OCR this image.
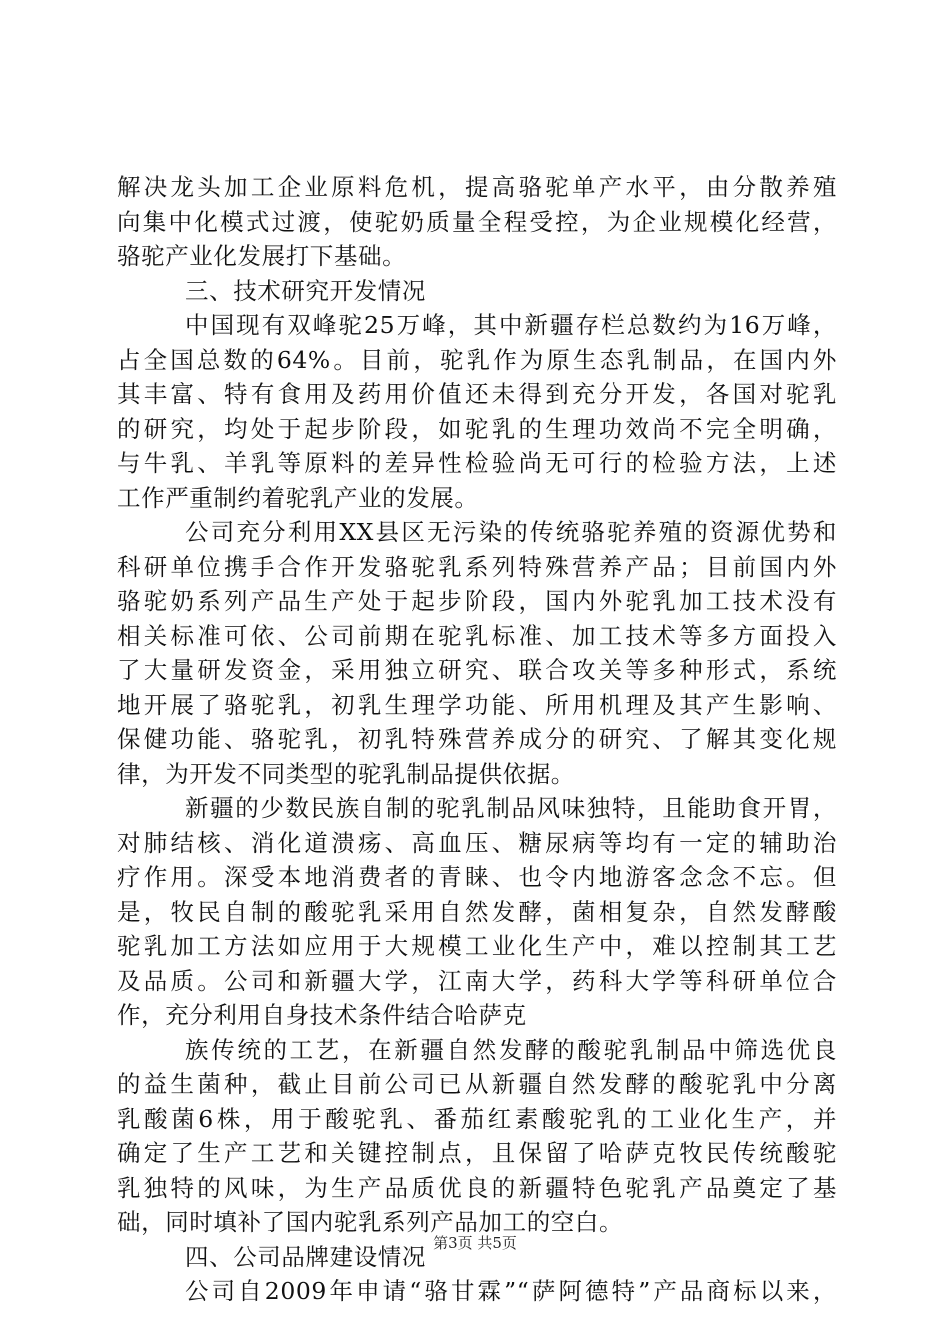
解决龙头加工企业原料危机，提高骆驼单产水平，由分散养殖
向集中化模式过渡，使驼奶质量全程受控，为企业规模化经营，
骆驼产业化发展打下基础。
三、技术研究开发情况
中国现有双峰驼25万峰，其中新疆存栏总数约为16万峰，
占全国总数的64%。目前，驼乳作为原生态乳制品，在国内外
其丰富、特有食用及药用价值还未得到充分开发，各国对驼乳
的研究，均处于起步阶段，如驼乳的生理功效尚不完全明确，
与牛乳、羊乳等原料的差异性检验尚无可行的检验方法，上述
工作严重制约着驼乳产业的发展。
公司充分利用XX县区无污染的传统骆驼养殖的资源优势和
科研单位携手合作开发骆驼乳系列特殊营养产品；目前国内外
骆驼奶系列产品生产处于起步阶段，国内外驼乳加工技术没有
相关标准可依、公司前期在驼乳标准、加工技术等多方面投入
了大量研发资金，采用独立研究、联合攻关等多种形式，系统
地开展了骆驼乳，初乳生理学功能、所用机理及其产生影响、
保健功能、骆驼乳，初乳特殊营养成分的研究、了解其变化规
律，为开发不同类型的驼乳制品提供依据。
新疆的少数民族自制的驼乳制品风味独特，且能助食开胃，
对肺结核、消化道溃疡、高血压、糖尿病等均有一定的辅助治
疗作用。深受本地消费者的青睐、也令内地游客念念不忘。但
是，牧民自制的酸驼乳采用自然发酵，菌相复杂，自然发酵酸
驼乳加工方法如应用于大规模工业化生产中，难以控制其工艺
及品质。公司和新疆大学，江南大学，药科大学等科研单位合
作，充分利用自身技术条件结合哈萨克
族传统的工艺，在新疆自然发酵的酸驼乳制品中筛选优良
的益生菌种，截止目前公司已从新疆自然发酵的酸驼乳中分离
乳酸菌6株，用于酸驼乳、番茄红素酸驼乳的工业化生产，并
确定了生产工艺和关键控制点，且保留了哈萨克牧民传统酸驼
乳独特的风味，为生产品质优良的新疆特色驼乳产品奠定了基
础，同时填补了国内驼乳系列产品加工的空白。
四、公司品牌建设情况
公司自2009年申请“骆甘霖”“萨阿德特”产品商标以来，
第3页 共5页
